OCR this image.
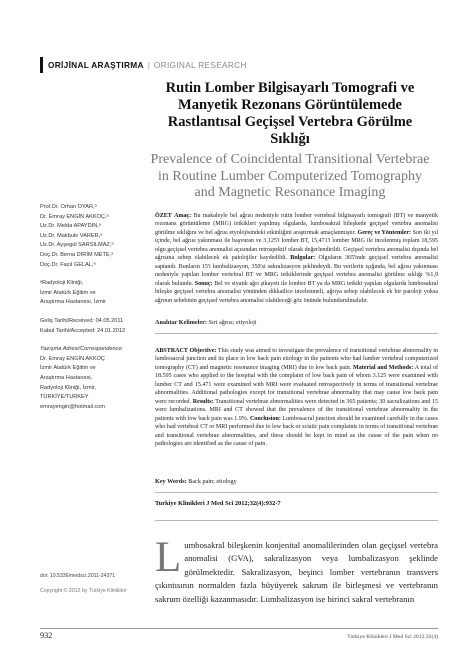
ORİJİNAL ARAŞTIRMA | ORIGINAL RESEARCH
Rutin Lomber Bilgisayarlı Tomografi ve Manyetik Rezonans Görüntülemede Rastlantısal Geçişsel Vertebra Görülme Sıklığı
Prevalence of Coincidental Transitional Vertebrae in Routine Lumber Computerized Tomography and Magnetic Resonance Imaging
Prof.Dr. Orhan OYAR,ᵃ
Dr. Emray ENGİN AKKOÇ,ᵃ
Uz.Dr. Melda APAYDIN,ᵃ
Uz.Dr. Makbule VARER,ᵃ
Uz.Dr. Ayşegül SARSILMAZ,ᵃ
Doç.Dr. Berna DİRİM METE,ᵃ
Doç.Dr. Fazıl GELAL,ᵃ
ᵃRadyoloji Kliniği,
İzmir Atatürk Eğitim ve
Araştırma Hastanesi, İzmir
Geliş Tarihi/Received: 04.05.2011
Kabul Tarihi/Accepted: 24.01.2012
Yazışma Adresi/Correspondence:
Dr. Emray ENGİN AKKOÇ
İzmir Atatürk Eğitim ve
Araştırma Hastanesi,
Radyoloji Kliniği, İzmir,
TÜRKİYE/TURKEY
emrayengin@hotmail.com
doi: 10.5336/medsci.2011-24371
Copyright © 2012 by Türkiye Klinikleri

ÖZET Amaç: Bu makaleyle bel ağrısı nedeniyle rutin lomber vertebral bilgisayarlı tomografi (BT) ve manyetik rezonans görüntüleme (MRG) tetkikleri yapılmış olgularda, lumbosakral bileşkede geçişsel vertebra anomalisi görülme sıklığını ve bel ağrısı etyolojisindeki etkinliğini araştırmak amaçlanmıştır. Gereç ve Yöntemler: Son iki yıl içinde, bel ağrısı yakınması ile başvuran ve 3,125'i lomber BT, 15,471'i lomber MRG ile incelenmiş toplam 18,595 olgu geçişsel vertebra anomalisi açısından retrospektif olarak değerlendirildi. Geçişsel vertebra anomalisi dışında bel ağrısına sebep olabilecek ek patolojiler kaydedildi. Bulgular: Olguların 365'inde geçişsel vertebra anomalisi saptandı. Bunların 15'i lumbalizasyon, 350'si sakralizasyon şeklindeydi. Bu verilerin ışığında, bel ağrısı yakınması nedeniyle yapılan lomber vertebral BT ve MRG tetkiklerinde geçişsel vertebra anomalisi görülme sıklığı %1,9 olarak bulundu. Sonuç: Bel ve siyatik ağrı şikayeti ile lomber BT ya da MRG tetkiki yapılan olgularda lumbosakral bileşke geçişsel vertebra anomalisi yönünden dikkatlice incelenmeli, ağrıya sebep olabilecek ek bir patoloji yoksa ağrının sebebinin geçişsel vertebra anomalisi olabileceği göz önünde bulundurulmalıdır.

Anahtar Kelimeler: Sırt ağrısı; etiyoloji

ABSTRACT Objective: This study was aimed to investigate the prevalence of transitional vertebrae abnormality in lumbosacral junction and its place in low back pain etiology in the patients who had lumber vertebral computerized tomography (CT) and magnetic resonance imaging (MRI) due to low back pain. Material and Methods: A total of 18.595 cases who applied to the hospital with the complaint of low back pain of whom 3.125 were examined with lumber CT and 15.471 were examined with MRI were evaluated retrospectively in terms of transitional vertebrae abnormalities. Additional pathologies except for transitional vertebrae abnormality that may cause low back pain were recorded. Results: Transitional vertebrae abnormalities were detected in 365 patients; 30 sacralizations and 15 were lumbalizations. MRI and CT showed that the prevalence of the transitional vertebrae abnormality in the patients with low back pain was 1.9%. Conclusion: Lumbosacral junction should be examined carefully in the cases who had vertebral CT or MRI performed due to low back or sciatic pain complaints in terms of transitional vertebrae and transitional vertebrae abnormalities, and these should be kept in mind as the cause of the pain when no pathologies are identified as the cause of pain.

Key Words: Back pain; etiology
Turkiye Klinikleri J Med Sci 2012;32(4):932-7
Lumbosakral bileşkenin konjenital anomalilerinden olan geçişsel vertebra anomalisi (GVA), sakralizasyon veya lumbalizasyon şeklinde görülmektedir. Sakralizasyon, beşinci lomber vertebranın transvers çıkıntısının normalden fazla büyüyerek sakrum ile birleşmesi ve vertebranın sakrum özelliği kazanmasıdır. Lumbalizasyon ise birinci sakral vertebranın
932	Turkiye Klinikleri J Med Sci 2012;32(4)
